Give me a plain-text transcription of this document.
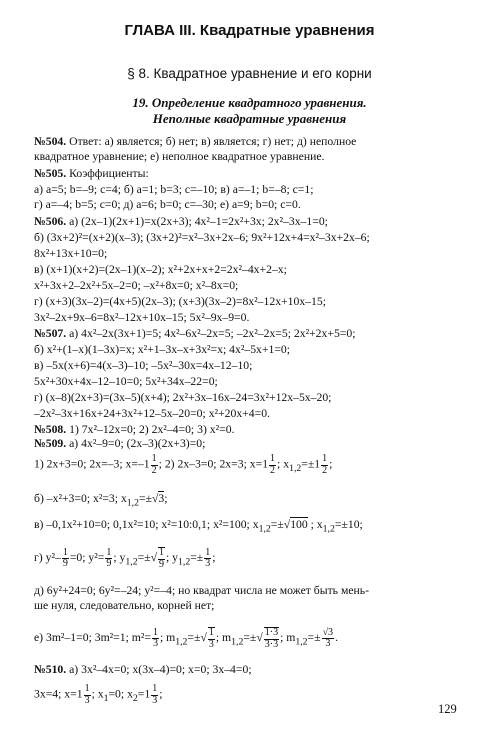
ГЛАВА III. Квадратные уравнения
§ 8. Квадратное уравнение и его корни
19. Определение квадратного уравнения.
Неполные квадратные уравнения
№504. Ответ: а) является; б) нет; в) является; г) нет; д) неполное
квадратное уравнение; е) неполное квадратное уравнение.
№505. Коэффициенты:
а) a=5; b=–9; c=4; б) a=1; b=3; c=–10; в) a=–1; b=–8; c=1;
г) a=–4; b=5; c=0; д) a=6; b=0; c=–30; е) a=9; b=0; c=0.
№506. а) (2x–1)(2x+1)=x(2x+3); 4x²–1=2x²+3x; 2x²–3x–1=0;
б) (3x+2)²=(x+2)(x–3); (3x+2)²=x²–3x+2x–6; 9x²+12x+4=x²–3x+2x–6;
8x²+13x+10=0;
в) (x+1)(x+2)=(2x–1)(x–2); x²+2x+x+2=2x²–4x+2–x;
x²+3x+2–2x²+5x–2=0; –x²+8x=0; x²–8x=0;
г) (x+3)(3x–2)=(4x+5)(2x–3); (x+3)(3x–2)=8x²–12x+10x–15;
3x²–2x+9x–6=8x²–12x+10x–15; 5x²–9x–9=0.
№507. а) 4x²–2x(3x+1)=5; 4x²–6x²–2x=5; –2x²–2x=5; 2x²+2x+5=0;
б) x²+(1–x)(1–3x)=x; x²+1–3x–x+3x²=x; 4x²–5x+1=0;
в) –5x(x+6)=4(x–3)–10; –5x²–30x=4x–12–10;
5x²+30x+4x–12–10=0; 5x²+34x–22=0;
г) (x–8)(2x+3)=(3x–5)(x+4); 2x²+3x–16x–24=3x²+12x–5x–20;
–2x²–3x+16x+24+3x²+12–5x–20=0; x²+20x+4=0.
№508. 1) 7x²–12x=0; 2) 2x²–4=0; 3) x²=0.
№509. а) 4x²–9=0; (2x–3)(2x+3)=0;
1) 2x+3=0; 2x=–3; $x=-1 \frac{1}{2}$ ; 2) 2x–3=0; 2x=3; $x=1 \frac{1}{2}$ ; $x_{1,2}=\pm 1 \frac{1}{2}$ ;
б) –x²+3=0; x²=3; $x_{1,2}=\pm√3$;
в) –0,1x²+10=0; 0,1x²=10; x²=10:0,1; x²=100; $x_{1,2}=\pm√100$ ; $x_{1,2}=\pm 10$;
г) $y^2- \frac{1}{9} =0$; $y^2= \frac{1}{9}$ ; $y_{1,2}=\pm√ \frac{1}{9}$ ; $y_{1,2}=\pm \frac{1}{3}$ ;
д) 6y²+24=0; 6y²=–24; y²=–4; но квадрат числа не может быть мень-
ше нуля, следовательно, корней нет;
е) 3m²–1=0; 3m²=1; $m^2= \frac{1}{3}$ ; $m_{1,2}=\pm√ \frac{1}{3}$ ; $m_{1,2}=\pm√ \frac{1\cdot 3}{3\cdot 3}$ ; $m_{1,2}=\pm \frac{√3}{3}$ .
№510. а) 3x²–4x=0; x(3x–4)=0; x=0; 3x–4=0;
3x=4; $x=1 \frac{1}{3}$ ; $x_1=0$; $x_2=1 \frac{1}{3}$ ;
129
